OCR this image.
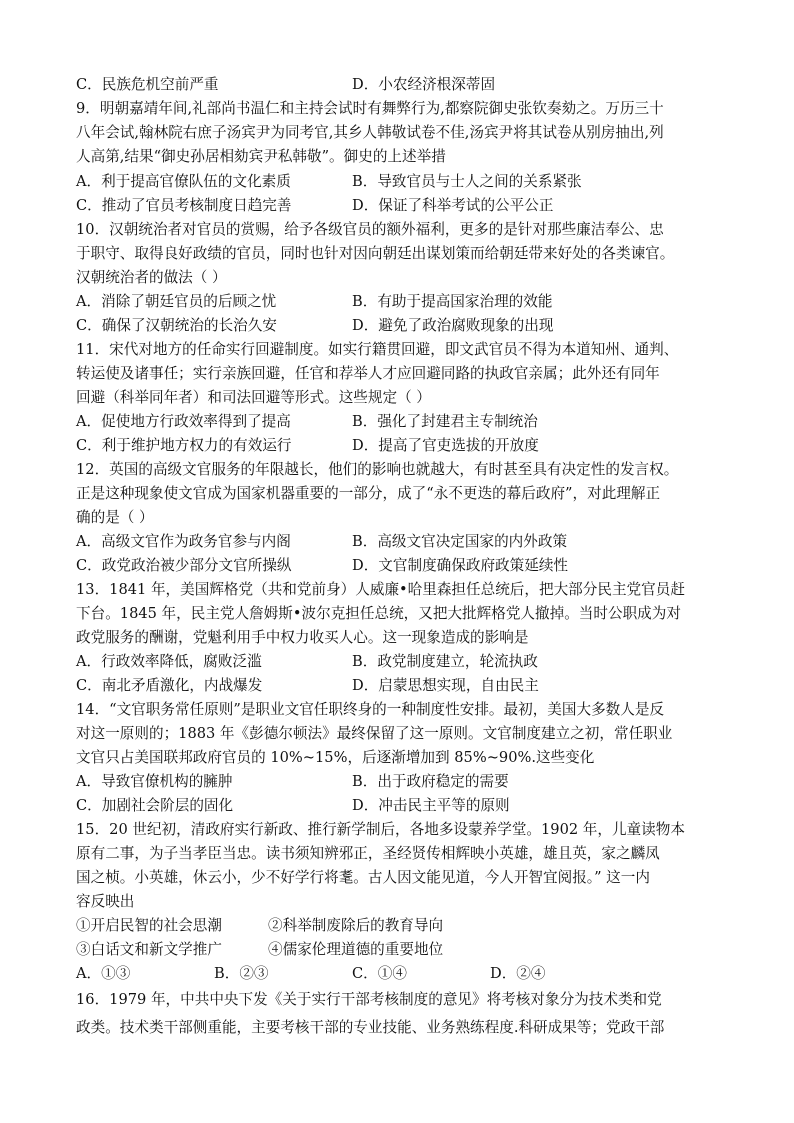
C．民族危机空前严重	D．小农经济根深蒂固
9．明朝嘉靖年间,礼部尚书温仁和主持会试时有舞弊行为,都察院御史张钦奏劾之。万历三十
八年会试,翰林院右庶子汤宾尹为同考官,其乡人韩敬试卷不佳,汤宾尹将其试卷从别房抽出,列
人高第,结果“御史孙居相劾宾尹私韩敬”。御史的上述举措
A．利于提高官僚队伍的文化素质	B．导致官员与士人之间的关系紧张
C．推动了官员考核制度日趋完善	D．保证了科举考试的公平公正
10．汉朝统治者对官员的赏赐，给予各级官员的额外福利，更多的是针对那些廉洁奉公、忠
于职守、取得良好政绩的官员，同时也针对因向朝廷出谋划策而给朝廷带来好处的各类谏官。
汉朝统治者的做法（ ）
A．消除了朝廷官员的后顾之忧	B．有助于提高国家治理的效能
C．确保了汉朝统治的长治久安	D．避免了政治腐败现象的出现
11．宋代对地方的任命实行回避制度。如实行籍贯回避，即文武官员不得为本道知州、通判、
转运使及诸事任；实行亲族回避，任官和荐举人才应回避同路的执政官亲属；此外还有同年
回避（科举同年者）和司法回避等形式。这些规定（ ）
A．促使地方行政效率得到了提高	B．强化了封建君主专制统治
C．利于维护地方权力的有效运行	D．提高了官吏选拔的开放度
12．英国的高级文官服务的年限越长，他们的影响也就越大，有时甚至具有决定性的发言权。
正是这种现象使文官成为国家机器重要的一部分，成了“永不更迭的幕后政府”，对此理解正
确的是（ ）
A．高级文官作为政务官参与内阁	B．高级文官决定国家的内外政策
C．政党政治被少部分文官所操纵	D．文官制度确保政府政策延续性
13．1841 年，美国辉格党（共和党前身）人威廉•哈里森担任总统后，把大部分民主党官员赶
下台。1845 年，民主党人詹姆斯•波尔克担任总统，又把大批辉格党人撤掉。当时公职成为对
政党服务的酬谢，党魁利用手中权力收买人心。这一现象造成的影响是
A．行政效率降低，腐败泛滥	B．政党制度建立，轮流执政
C．南北矛盾激化，内战爆发	D．启蒙思想实现，自由民主
14．“文官职务常任原则”是职业文官任职终身的一种制度性安排。最初，美国大多数人是反
对这一原则的；1883 年《彭德尔顿法》最终保留了这一原则。文官制度建立之初，常任职业
文官只占美国联邦政府官员的 10%~15%，后逐渐增加到 85%~90%.这些变化
A．导致官僚机构的臃肿	B．出于政府稳定的需要
C．加剧社会阶层的固化	D．冲击民主平等的原则
15．20 世纪初，清政府实行新政、推行新学制后，各地多设蒙养学堂。1902 年，儿童读物本
原有二事，为子当孝臣当忠。读书须知辨邪正，圣经贤传相辉映小英雄，雄且英，家之麟凤
国之桢。小英雄，休云小，少不好学行将耄。古人因文能见道，今人开智宜阅报。” 这一内
容反映出
①开启民智的社会思潮	②科举制废除后的教育导向
③白话文和新文学推广	④儒家伦理道德的重要地位
A．①③	B．②③	C．①④	D．②④
16．1979 年，中共中央下发《关于实行干部考核制度的意见》将考核对象分为技术类和党
政类。技术类干部侧重能，主要考核干部的专业技能、业务熟练程度.科研成果等；党政干部
